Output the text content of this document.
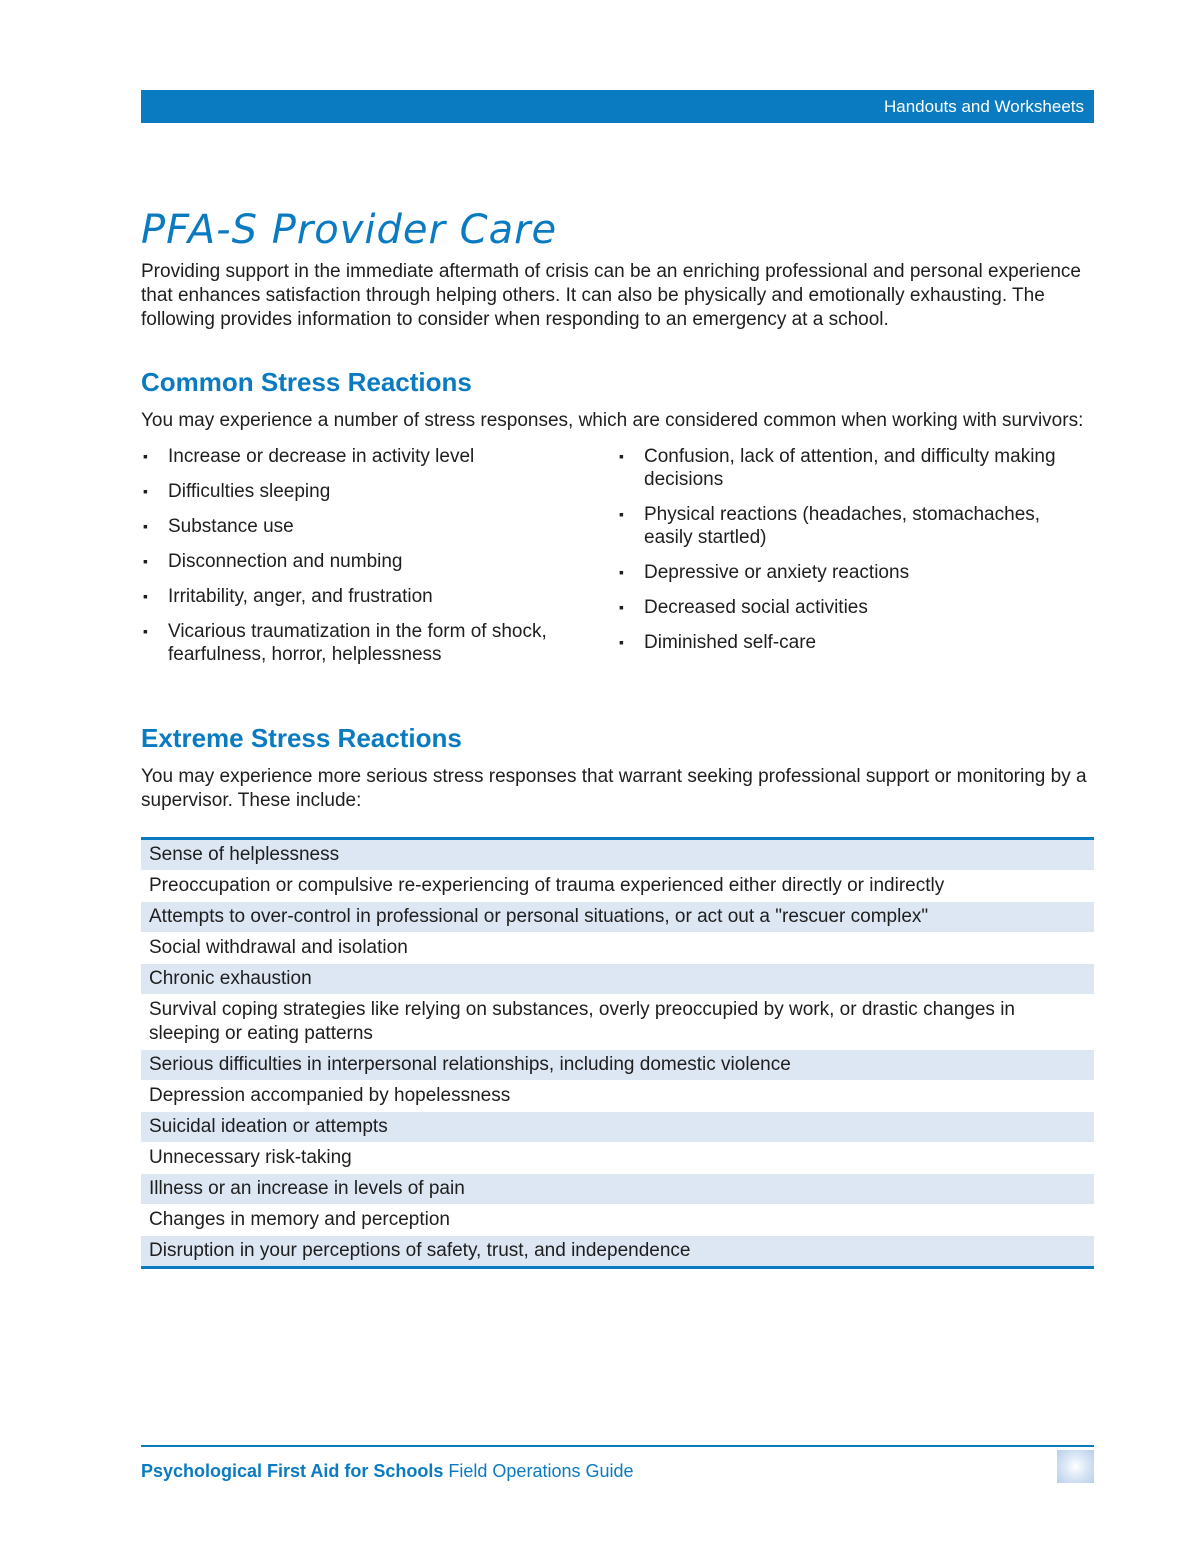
Handouts and Worksheets
PFA-S Provider Care

Providing support in the immediate aftermath of crisis can be an enriching professional and personal experience that enhances satisfaction through helping others. It can also be physically and emotionally exhausting. The following provides information to consider when responding to an emergency at a school.

Common Stress Reactions

You may experience a number of stress responses, which are considered common when working with survivors:

▪ Increase or decrease in activity level
▪ Difficulties sleeping
▪ Substance use
▪ Disconnection and numbing
▪ Irritability, anger, and frustration
▪ Vicarious traumatization in the form of shock, fearfulness, horror, helplessness
▪ Confusion, lack of attention, and difficulty making decisions
▪ Physical reactions (headaches, stomachaches, easily startled)
▪ Depressive or anxiety reactions
▪ Decreased social activities
▪ Diminished self-care
Extreme Stress Reactions

You may experience more serious stress responses that warrant seeking professional support or monitoring by a supervisor. These include:

Sense of helplessness
Preoccupation or compulsive re-experiencing of trauma experienced either directly or indirectly
Attempts to over-control in professional or personal situations, or act out a "rescuer complex"
Social withdrawal and isolation
Chronic exhaustion
Survival coping strategies like relying on substances, overly preoccupied by work, or drastic changes in sleeping or eating patterns
Serious difficulties in interpersonal relationships, including domestic violence
Depression accompanied by hopelessness
Suicidal ideation or attempts
Unnecessary risk-taking
Illness or an increase in levels of pain
Changes in memory and perception
Disruption in your perceptions of safety, trust, and independence
Psychological First Aid for Schools Field Operations Guide
